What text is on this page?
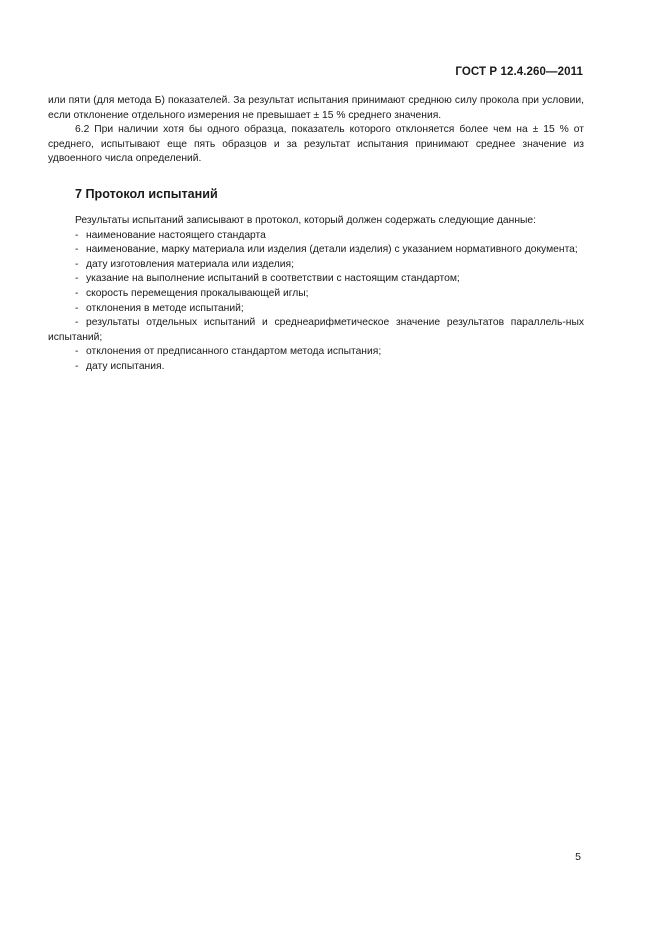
ГОСТ Р 12.4.260—2011

или пяти (для метода Б) показателей. За результат испытания принимают среднюю силу прокола при условии, если отклонение отдельного измерения не превышает ± 15 % среднего значения.

6.2 При наличии хотя бы одного образца, показатель которого отклоняется более чем на ± 15 % от среднего, испытывают еще пять образцов и за результат испытания принимают среднее значение из удвоенного числа определений.

7 Протокол испытаний

Результаты испытаний записывают в протокол, который должен содержать следующие данные:

- наименование настоящего стандарта
- наименование, марку материала или изделия (детали изделия) с указанием нормативного документа;
- дату изготовления материала или изделия;
- указание на выполнение испытаний в соответствии с настоящим стандартом;
- скорость перемещения прокалывающей иглы;
- отклонения в методе испытаний;
- результаты отдельных испытаний и среднеарифметическое значение результатов параллель-ных испытаний;
- отклонения от предписанного стандартом метода испытания;
- дату испытания.
5
